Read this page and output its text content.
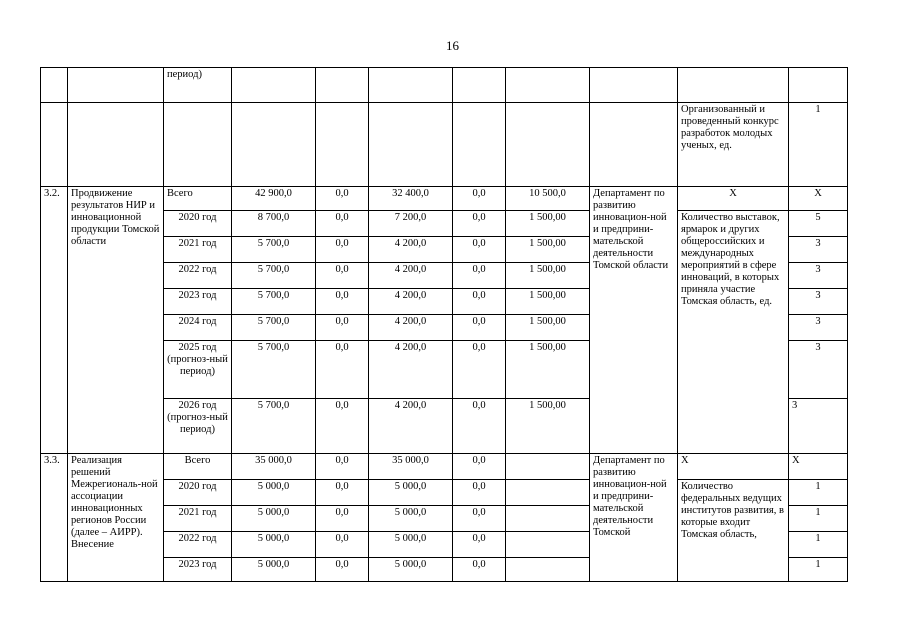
16
		период)								
									Организованный и проведенный конкурс разработок молодых ученых, ед.	1
3.2.	Продвижение результатов НИР и инновационной продукции Томской области	Всего	42 900,0	0,0	32 400,0	0,0	10 500,0	Департамент по развитию инновацион-ной и предприни-мательской деятельности Томской области	Х	Х
		2020 год	8 700,0	0,0	7 200,0	0,0	1 500,00		Количество выставок, ярмарок и других общероссийских и международных мероприятий в сфере инноваций, в которых приняла участие Томская область, ед.	5
		2021 год	5 700,0	0,0	4 200,0	0,0	1 500,00			3
		2022 год	5 700,0	0,0	4 200,0	0,0	1 500,00			3
		2023 год	5 700,0	0,0	4 200,0	0,0	1 500,00			3
		2024 год	5 700,0	0,0	4 200,0	0,0	1 500,00			3
		2025 год (прогноз-ный период)	5 700,0	0,0	4 200,0	0,0	1 500,00			3
		2026 год (прогноз-ный период)	5 700,0	0,0	4 200,0	0,0	1 500,00			3
3.3.	Реализация решений Межрегиональ-ной ассоциации инновационных регионов России (далее – АИРР). Внесение	Всего	35 000,0	0,0	35 000,0	0,0		Департамент по развитию инновацион-ной и предприни-мательской деятельности Томской	Х	Х
		2020 год	5 000,0	0,0	5 000,0	0,0			Количество федеральных ведущих институтов развития, в которые входит Томская область,	1
		2021 год	5 000,0	0,0	5 000,0	0,0				1
		2022 год	5 000,0	0,0	5 000,0	0,0				1
		2023 год	5 000,0	0,0	5 000,0	0,0				1
